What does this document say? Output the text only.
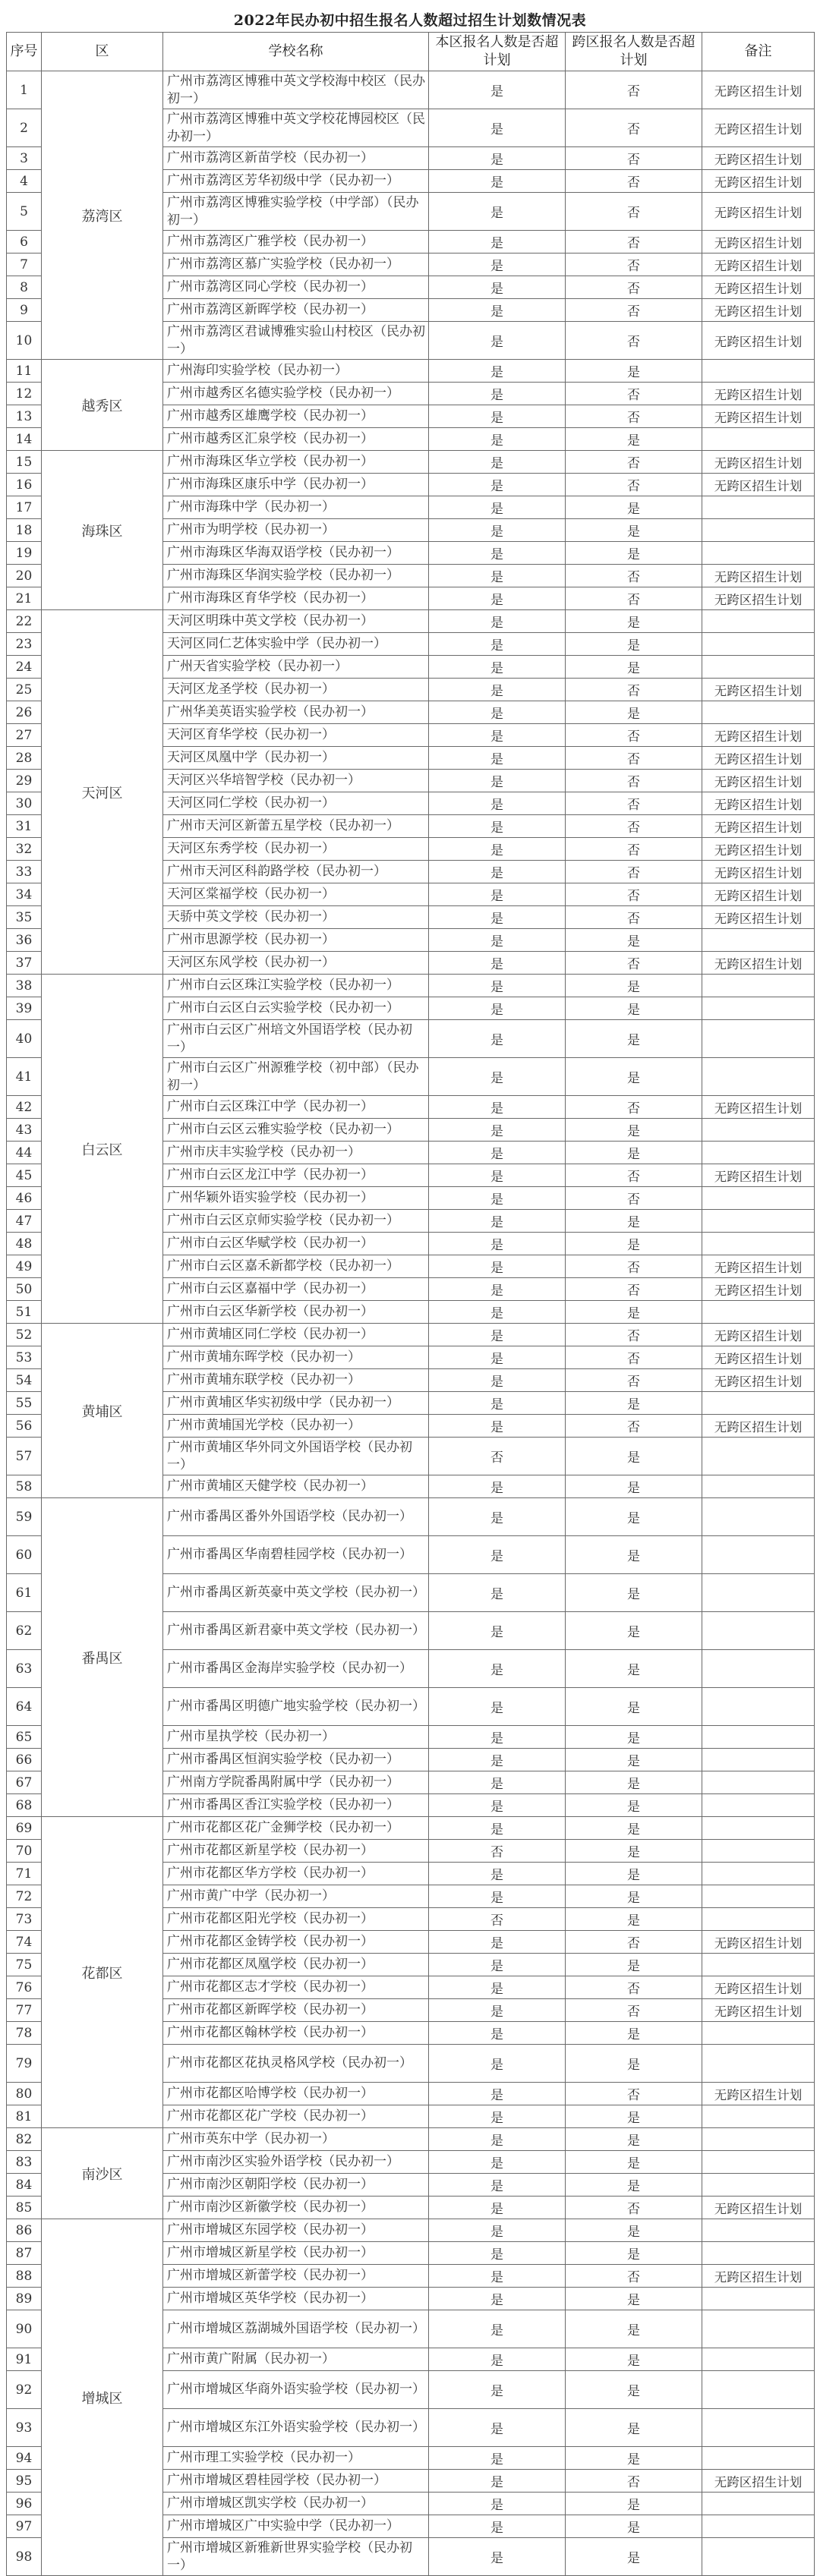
2022年民办初中招生报名人数超过招生计划数情况表
序号	区	学校名称	本区报名人数是否超计划	跨区报名人数是否超计划	备注
1	荔湾区	广州市荔湾区博雅中英文学校海中校区（民办初一）	是	否	无跨区招生计划
2		广州市荔湾区博雅中英文学校花博园校区（民办初一）	是	否	无跨区招生计划
3		广州市荔湾区新苗学校（民办初一）	是	否	无跨区招生计划
4		广州市荔湾区芳华初级中学（民办初一）	是	否	无跨区招生计划
5		广州市荔湾区博雅实验学校（中学部）（民办初一）	是	否	无跨区招生计划
6		广州市荔湾区广雅学校（民办初一）	是	否	无跨区招生计划
7		广州市荔湾区慕广实验学校（民办初一）	是	否	无跨区招生计划
8		广州市荔湾区同心学校（民办初一）	是	否	无跨区招生计划
9		广州市荔湾区新晖学校（民办初一）	是	否	无跨区招生计划
10		广州市荔湾区君诚博雅实验山村校区（民办初一）	是	否	无跨区招生计划
11	越秀区	广州海印实验学校（民办初一）	是	是	
12		广州市越秀区名德实验学校（民办初一）	是	否	无跨区招生计划
13		广州市越秀区雄鹰学校（民办初一）	是	否	无跨区招生计划
14		广州市越秀区汇泉学校（民办初一）	是	是	
15	海珠区	广州市海珠区华立学校（民办初一）	是	否	无跨区招生计划
16		广州市海珠区康乐中学（民办初一）	是	否	无跨区招生计划
17		广州市海珠中学（民办初一）	是	是	
18		广州市为明学校（民办初一）	是	是	
19		广州市海珠区华海双语学校（民办初一）	是	是	
20		广州市海珠区华润实验学校（民办初一）	是	否	无跨区招生计划
21		广州市海珠区育华学校（民办初一）	是	否	无跨区招生计划
22	天河区	天河区明珠中英文学校（民办初一）	是	是	
23		天河区同仁艺体实验中学（民办初一）	是	是	
24		广州天省实验学校（民办初一）	是	是	
25		天河区龙圣学校（民办初一）	是	否	无跨区招生计划
26		广州华美英语实验学校（民办初一）	是	是	
27		天河区育华学校（民办初一）	是	否	无跨区招生计划
28		天河区凤凰中学（民办初一）	是	否	无跨区招生计划
29		天河区兴华培智学校（民办初一）	是	否	无跨区招生计划
30		天河区同仁学校（民办初一）	是	否	无跨区招生计划
31		广州市天河区新蕾五星学校（民办初一）	是	否	无跨区招生计划
32		天河区东秀学校（民办初一）	是	否	无跨区招生计划
33		广州市天河区科韵路学校（民办初一）	是	否	无跨区招生计划
34		天河区棠福学校（民办初一）	是	否	无跨区招生计划
35		天骄中英文学校（民办初一）	是	否	无跨区招生计划
36		广州市思源学校（民办初一）	是	是	
37		天河区东风学校（民办初一）	是	否	无跨区招生计划
38	白云区	广州市白云区珠江实验学校（民办初一）	是	是	
39		广州市白云区白云实验学校（民办初一）	是	是	
40		广州市白云区广州培文外国语学校（民办初一）	是	是	
41		广州市白云区广州源雅学校（初中部）（民办初一）	是	是	
42		广州市白云区珠江中学（民办初一）	是	否	无跨区招生计划
43		广州市白云区云雅实验学校（民办初一）	是	是	
44		广州市庆丰实验学校（民办初一）	是	是	
45		广州市白云区龙江中学（民办初一）	是	否	无跨区招生计划
46		广州华颖外语实验学校（民办初一）	是	否	
47		广州市白云区京师实验学校（民办初一）	是	是	
48		广州市白云区华赋学校（民办初一）	是	是	
49		广州市白云区嘉禾新都学校（民办初一）	是	否	无跨区招生计划
50		广州市白云区嘉福中学（民办初一）	是	否	无跨区招生计划
51		广州市白云区华新学校（民办初一）	是	是	
52	黄埔区	广州市黄埔区同仁学校（民办初一）	是	否	无跨区招生计划
53		广州市黄埔东晖学校（民办初一）	是	否	无跨区招生计划
54		广州市黄埔东联学校（民办初一）	是	否	无跨区招生计划
55		广州市黄埔区华实初级中学（民办初一）	是	是	
56		广州市黄埔国光学校（民办初一）	是	否	无跨区招生计划
57		广州市黄埔区华外同文外国语学校（民办初一）	否	是	
58		广州市黄埔区天健学校（民办初一）	是	是	
59	番禺区	广州市番禺区番外外国语学校（民办初一）	是	是	
60		广州市番禺区华南碧桂园学校（民办初一）	是	是	
61		广州市番禺区新英豪中英文学校（民办初一）	是	是	
62		广州市番禺区新君豪中英文学校（民办初一）	是	是	
63		广州市番禺区金海岸实验学校（民办初一）	是	是	
64		广州市番禺区明德广地实验学校（民办初一）	是	是	
65		广州市星执学校（民办初一）	是	是	
66		广州市番禺区恒润实验学校（民办初一）	是	是	
67		广州南方学院番禺附属中学（民办初一）	是	是	
68		广州市番禺区香江实验学校（民办初一）	是	是	
69	花都区	广州市花都区花广金狮学校（民办初一）	是	是	
70		广州市花都区新星学校（民办初一）	否	是	
71		广州市花都区华方学校（民办初一）	是	是	
72		广州市黄广中学（民办初一）	是	是	
73		广州市花都区阳光学校（民办初一）	否	是	
74		广州市花都区金铸学校（民办初一）	是	否	无跨区招生计划
75		广州市花都区凤凰学校（民办初一）	是	是	
76		广州市花都区志才学校（民办初一）	是	否	无跨区招生计划
77		广州市花都区新晖学校（民办初一）	是	否	无跨区招生计划
78		广州市花都区翰林学校（民办初一）	是	是	
79		广州市花都区花执灵格风学校（民办初一）	是	是	
80		广州市花都区哈博学校（民办初一）	是	否	无跨区招生计划
81		广州市花都区花广学校（民办初一）	是	是	
82	南沙区	广州市英东中学（民办初一）	是	是	
83		广州市南沙区实验外语学校（民办初一）	是	是	
84		广州市南沙区朝阳学校（民办初一）	是	是	
85		广州市南沙区新徽学校（民办初一）	是	否	无跨区招生计划
86	增城区	广州市增城区东园学校（民办初一）	是	是	
87		广州市增城区新星学校（民办初一）	是	是	
88		广州市增城区新蕾学校（民办初一）	是	否	无跨区招生计划
89		广州市增城区英华学校（民办初一）	是	是	
90		广州市增城区荔湖城外国语学校（民办初一）	是	是	
91		广州市黄广附属（民办初一）	是	是	
92		广州市增城区华商外语实验学校（民办初一）	是	是	
93		广州市增城区东江外语实验学校（民办初一）	是	是	
94		广州市理工实验学校（民办初一）	是	是	
95		广州市增城区碧桂园学校（民办初一）	是	否	无跨区招生计划
96		广州市增城区凯实学校（民办初一）	是	是	
97		广州市增城区广中实验中学（民办初一）	是	是	
98		广州市增城区新雅新世界实验学校（民办初一）	是	是	
